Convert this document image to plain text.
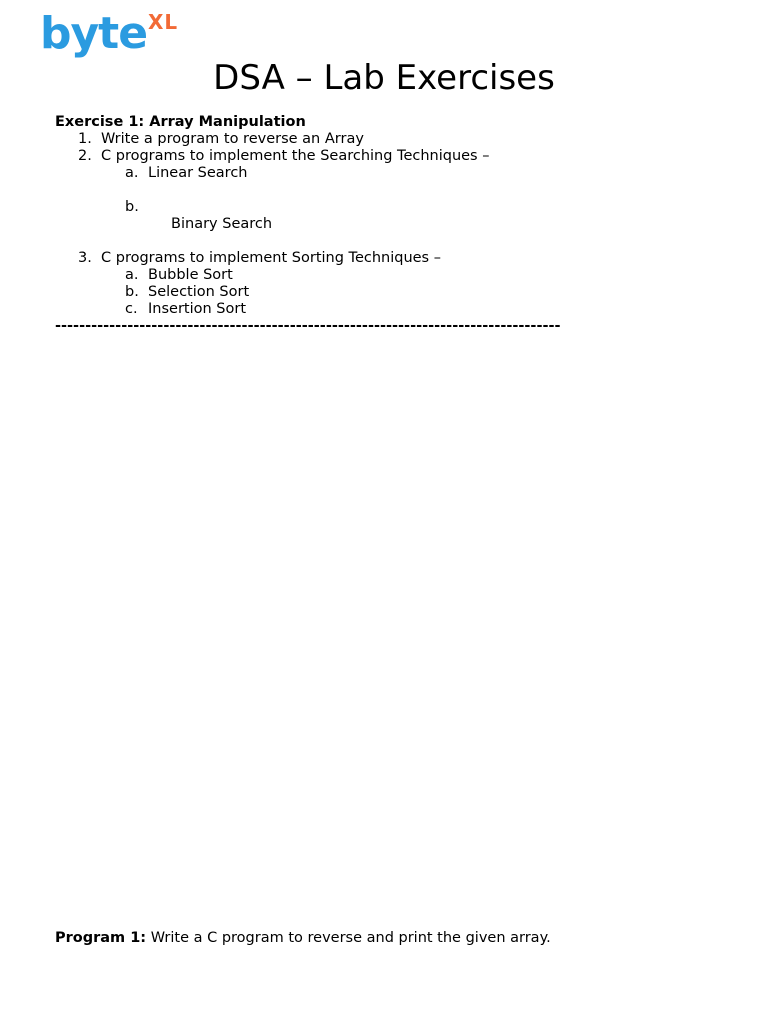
byte XL
DSA – Lab Exercises
Exercise 1: Array Manipulation
1. Write a program to reverse an Array
2. C programs to implement the Searching Techniques –
a. Linear Search

b.

Binary Search

3. C programs to implement Sorting Techniques –
a. Bubble Sort
b. Selection Sort
c. Insertion Sort
------------------------------------------------------------------------------------
Program 1: Write a C program to reverse and print the given array.
